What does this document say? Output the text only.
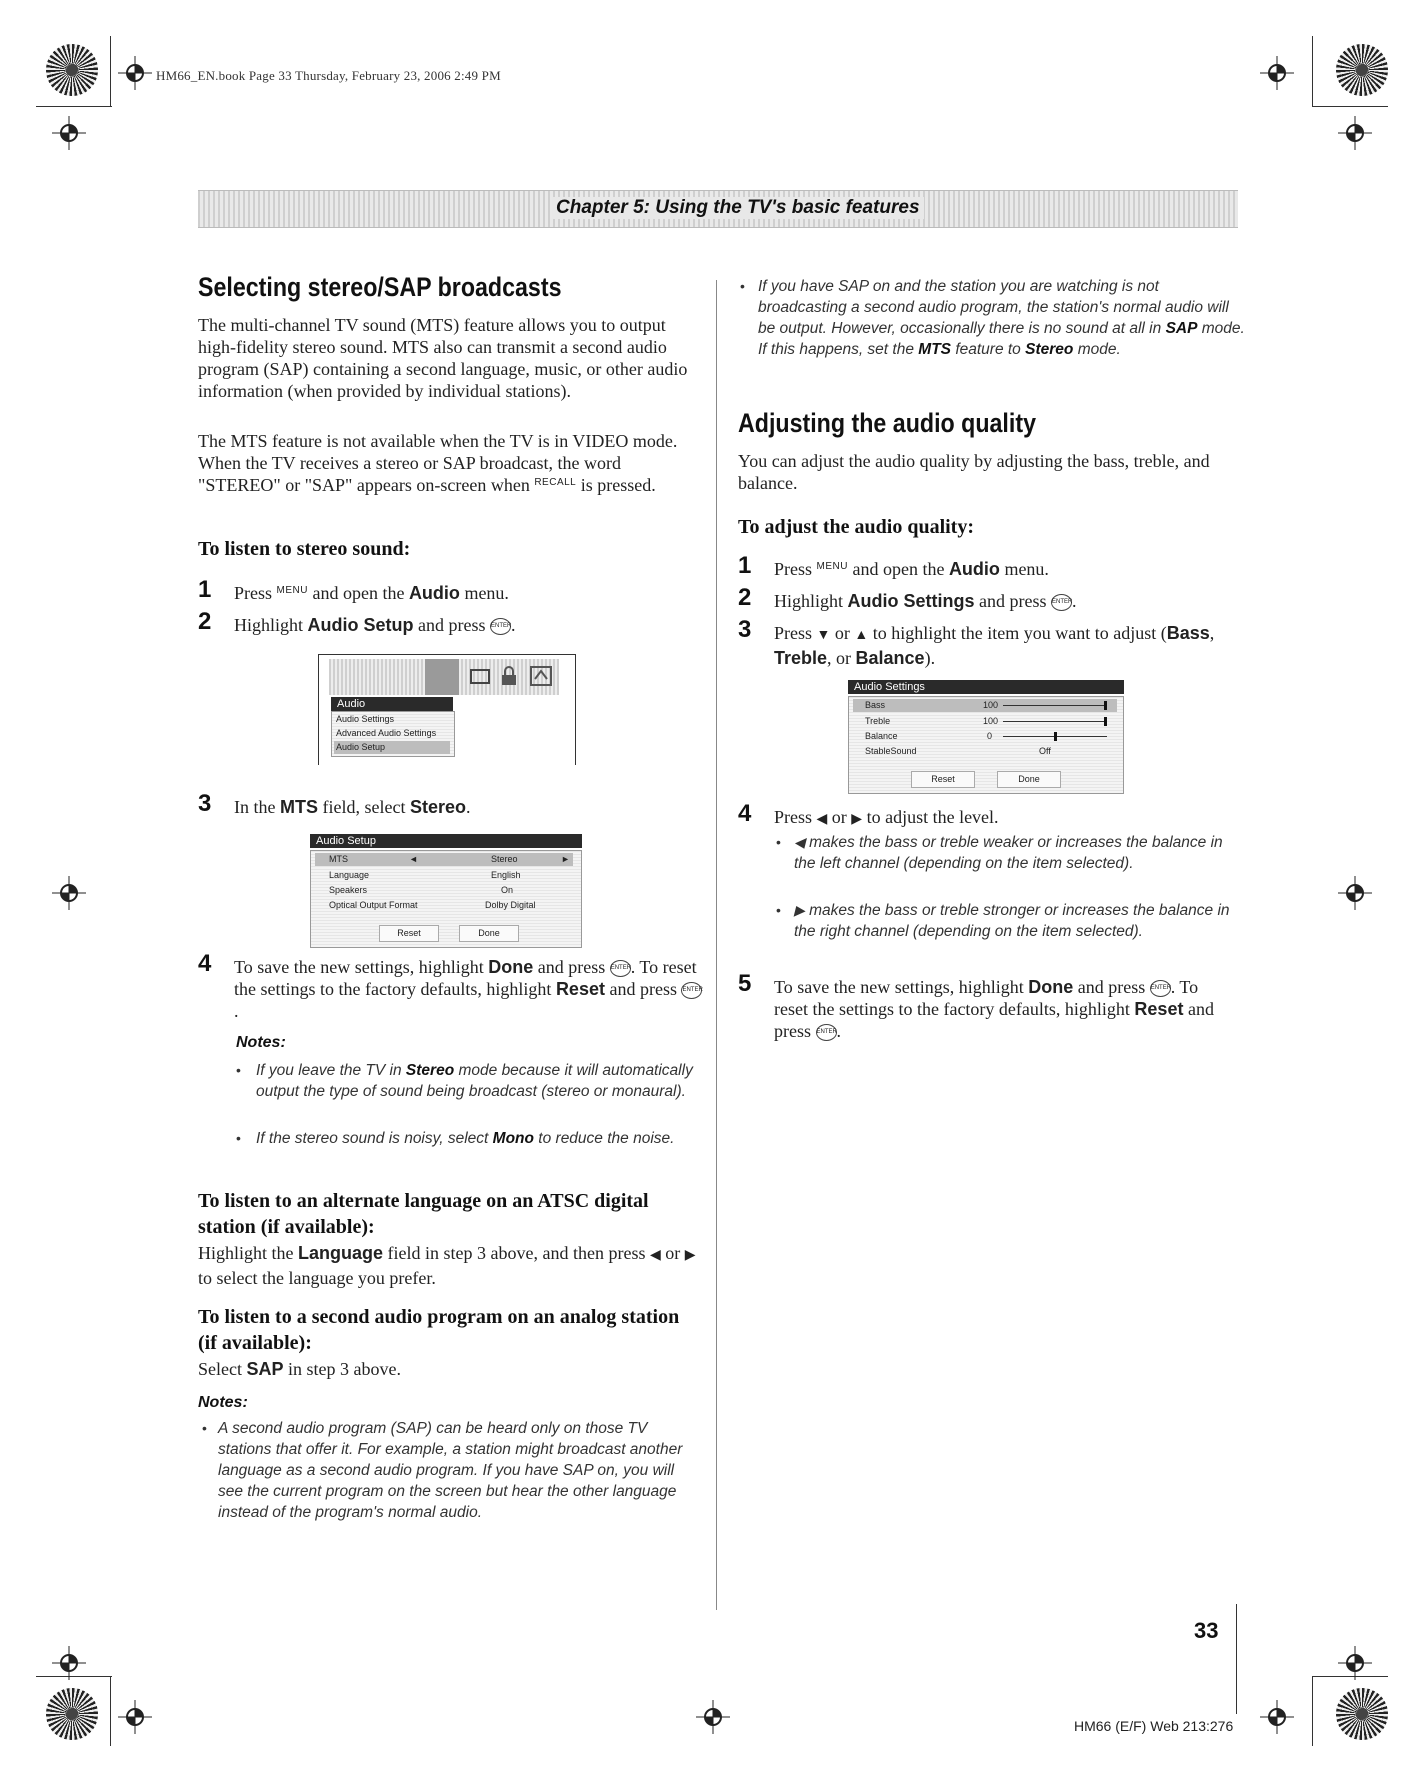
HM66_EN.book Page 33 Thursday, February 23, 2006 2:49 PM
Chapter 5: Using the TV's basic features
Selecting stereo/SAP broadcasts
The multi-channel TV sound (MTS) feature allows you to output high-fidelity stereo sound. MTS also can transmit a second audio program (SAP) containing a second language, music, or other audio information (when provided by individual stations).
The MTS feature is not available when the TV is in VIDEO mode. When the TV receives a stereo or SAP broadcast, the word "STEREO" or "SAP" appears on-screen when $^{RECALL}$ is pressed.
To listen to stereo sound:
1 Press $^{MENU}$ and open the Audio menu.
2 Highlight Audio Setup and press ENTER.
Audio
Audio Settings
Advanced Audio Settings
Audio Setup
3 In the MTS field, select Stereo.
Audio Setup
MTS	◄	Stereo	►
Language	English
Speakers	On
Optical Output Format	Dolby Digital
Reset	Done
4 To save the new settings, highlight Done and press ENTER. To reset the settings to the factory defaults, highlight Reset and press ENTER.
Notes:
• If you leave the TV in Stereo mode because it will automatically output the type of sound being broadcast (stereo or monaural).
• If the stereo sound is noisy, select Mono to reduce the noise.
To listen to an alternate language on an ATSC digital station (if available):
Highlight the Language field in step 3 above, and then press ◀ or ▶ to select the language you prefer.
To listen to a second audio program on an analog station (if available):
Select SAP in step 3 above.
Notes:
• A second audio program (SAP) can be heard only on those TV stations that offer it. For example, a station might broadcast another language as a second audio program. If you have SAP on, you will see the current program on the screen but hear the other language instead of the program's normal audio.
• If you have SAP on and the station you are watching is not broadcasting a second audio program, the station's normal audio will be output. However, occasionally there is no sound at all in SAP mode. If this happens, set the MTS feature to Stereo mode.
Adjusting the audio quality
You can adjust the audio quality by adjusting the bass, treble, and balance.
To adjust the audio quality:
1 Press $^{MENU}$ and open the Audio menu.
2 Highlight Audio Settings and press ENTER.
3 Press ▼ or ▲ to highlight the item you want to adjust (Bass, Treble, or Balance).
Audio Settings
Bass	100
Treble	100
Balance	0
StableSound	Off
Reset	Done
4 Press ◀ or ▶ to adjust the level.
• ◀ makes the bass or treble weaker or increases the balance in the left channel (depending on the item selected).
• ▶ makes the bass or treble stronger or increases the balance in the right channel (depending on the item selected).
5 To save the new settings, highlight Done and press ENTER. To reset the settings to the factory defaults, highlight Reset and press ENTER.
33
HM66 (E/F) Web 213:276
